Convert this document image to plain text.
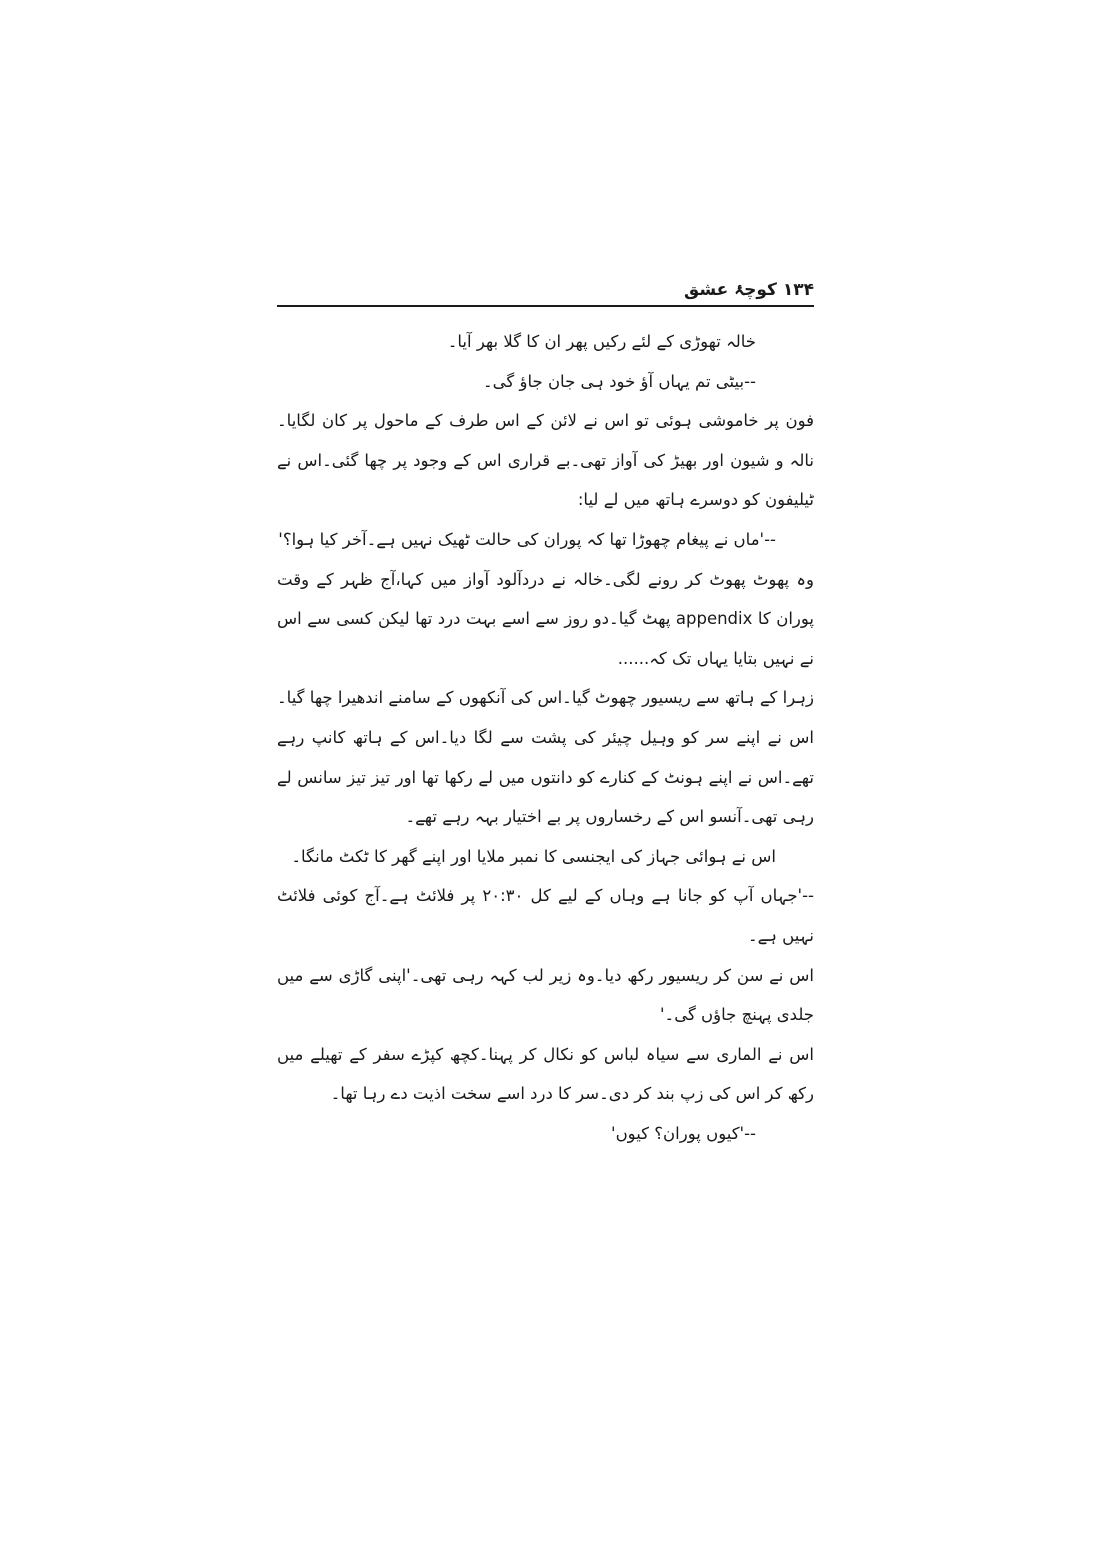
۱۳۴ کوچۂ عشق

خالہ تھوڑی کے لئے رکیں پھر ان کا گلا بھر آیا۔

--بیٹی تم یہاں آؤ خود ہی جان جاؤ گی۔

فون پر خاموشی ہوئی تو اس نے لائن کے اس طرف کے ماحول پر کان لگایا۔نالہ و شیون اور بھیڑ کی آواز تھی۔بے قراری اس کے وجود پر چھا گئی۔اس نے ٹیلیفون کو دوسرے ہاتھ میں لے لیا:

--'ماں نے پیغام چھوڑا تھا کہ پوران کی حالت ٹھیک نہیں ہے۔آخر کیا ہوا؟'

وہ پھوٹ پھوٹ کر رونے لگی۔خالہ نے دردآلود آواز میں کہا،آج ظہر کے وقت پوران کا appendix پھٹ گیا۔دو روز سے اسے بہت درد تھا لیکن کسی سے اس نے نہیں بتایا یہاں تک کہ......

زہرا کے ہاتھ سے ریسیور چھوٹ گیا۔اس کی آنکھوں کے سامنے اندھیرا چھا گیا۔اس نے اپنے سر کو وہیل چیئر کی پشت سے لگا دیا۔اس کے ہاتھ کانپ رہے تھے۔اس نے اپنے ہونٹ کے کنارے کو دانتوں میں لے رکھا تھا اور تیز تیز سانس لے رہی تھی۔آنسو اس کے رخساروں پر بے اختیار بہہ رہے تھے۔

اس نے ہوائی جہاز کی ایجنسی کا نمبر ملایا اور اپنے گھر کا ٹکٹ مانگا۔

--'جہاں آپ کو جانا ہے وہاں کے لیے کل ۲۰:۳۰ پر فلائٹ ہے۔آج کوئی فلائٹ نہیں ہے۔

اس نے سن کر ریسیور رکھ دیا۔وہ زیر لب کہہ رہی تھی۔'اپنی گاڑی سے میں جلدی پہنچ جاؤں گی۔'

اس نے الماری سے سیاہ لباس کو نکال کر پہنا۔کچھ کپڑے سفر کے تھیلے میں رکھ کر اس کی زپ بند کر دی۔سر کا درد اسے سخت اذیت دے رہا تھا۔

--'کیوں پوران؟ کیوں'
